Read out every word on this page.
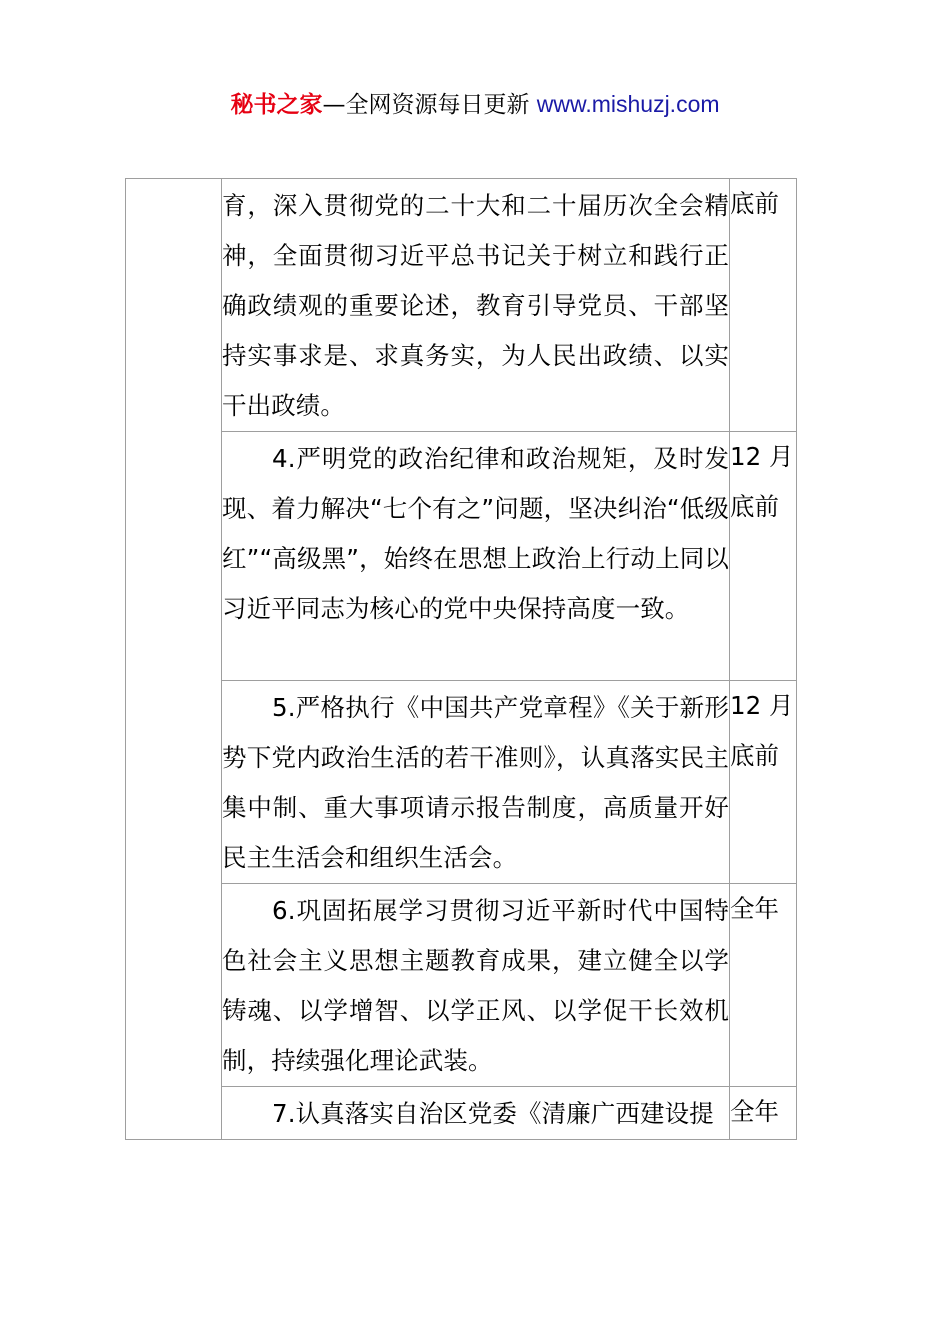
秘书之家—全网资源每日更新 www.mishuzj.com

	育，深入贯彻党的二十大和二十届历次全会精神，全面贯彻习近平总书记关于树立和践行正确政绩观的重要论述，教育引导党员、干部坚持实事求是、求真务实，为人民出政绩、以实干出政绩。	底前

	4.严明党的政治纪律和政治规矩，及时发现、着力解决“七个有之”问题，坚决纠治“低级红”“高级黑”，始终在思想上政治上行动上同以习近平同志为核心的党中央保持高度一致。	12 月
底前

	5.严格执行《中国共产党章程》《关于新形势下党内政治生活的若干准则》，认真落实民主集中制、重大事项请示报告制度，高质量开好民主生活会和组织生活会。	12 月
底前

	6.巩固拓展学习贯彻习近平新时代中国特色社会主义思想主题教育成果，建立健全以学铸魂、以学增智、以学正风、以学促干长效机制，持续强化理论武装。	全年

	7.认真落实自治区党委《清廉广西建设提	全年
